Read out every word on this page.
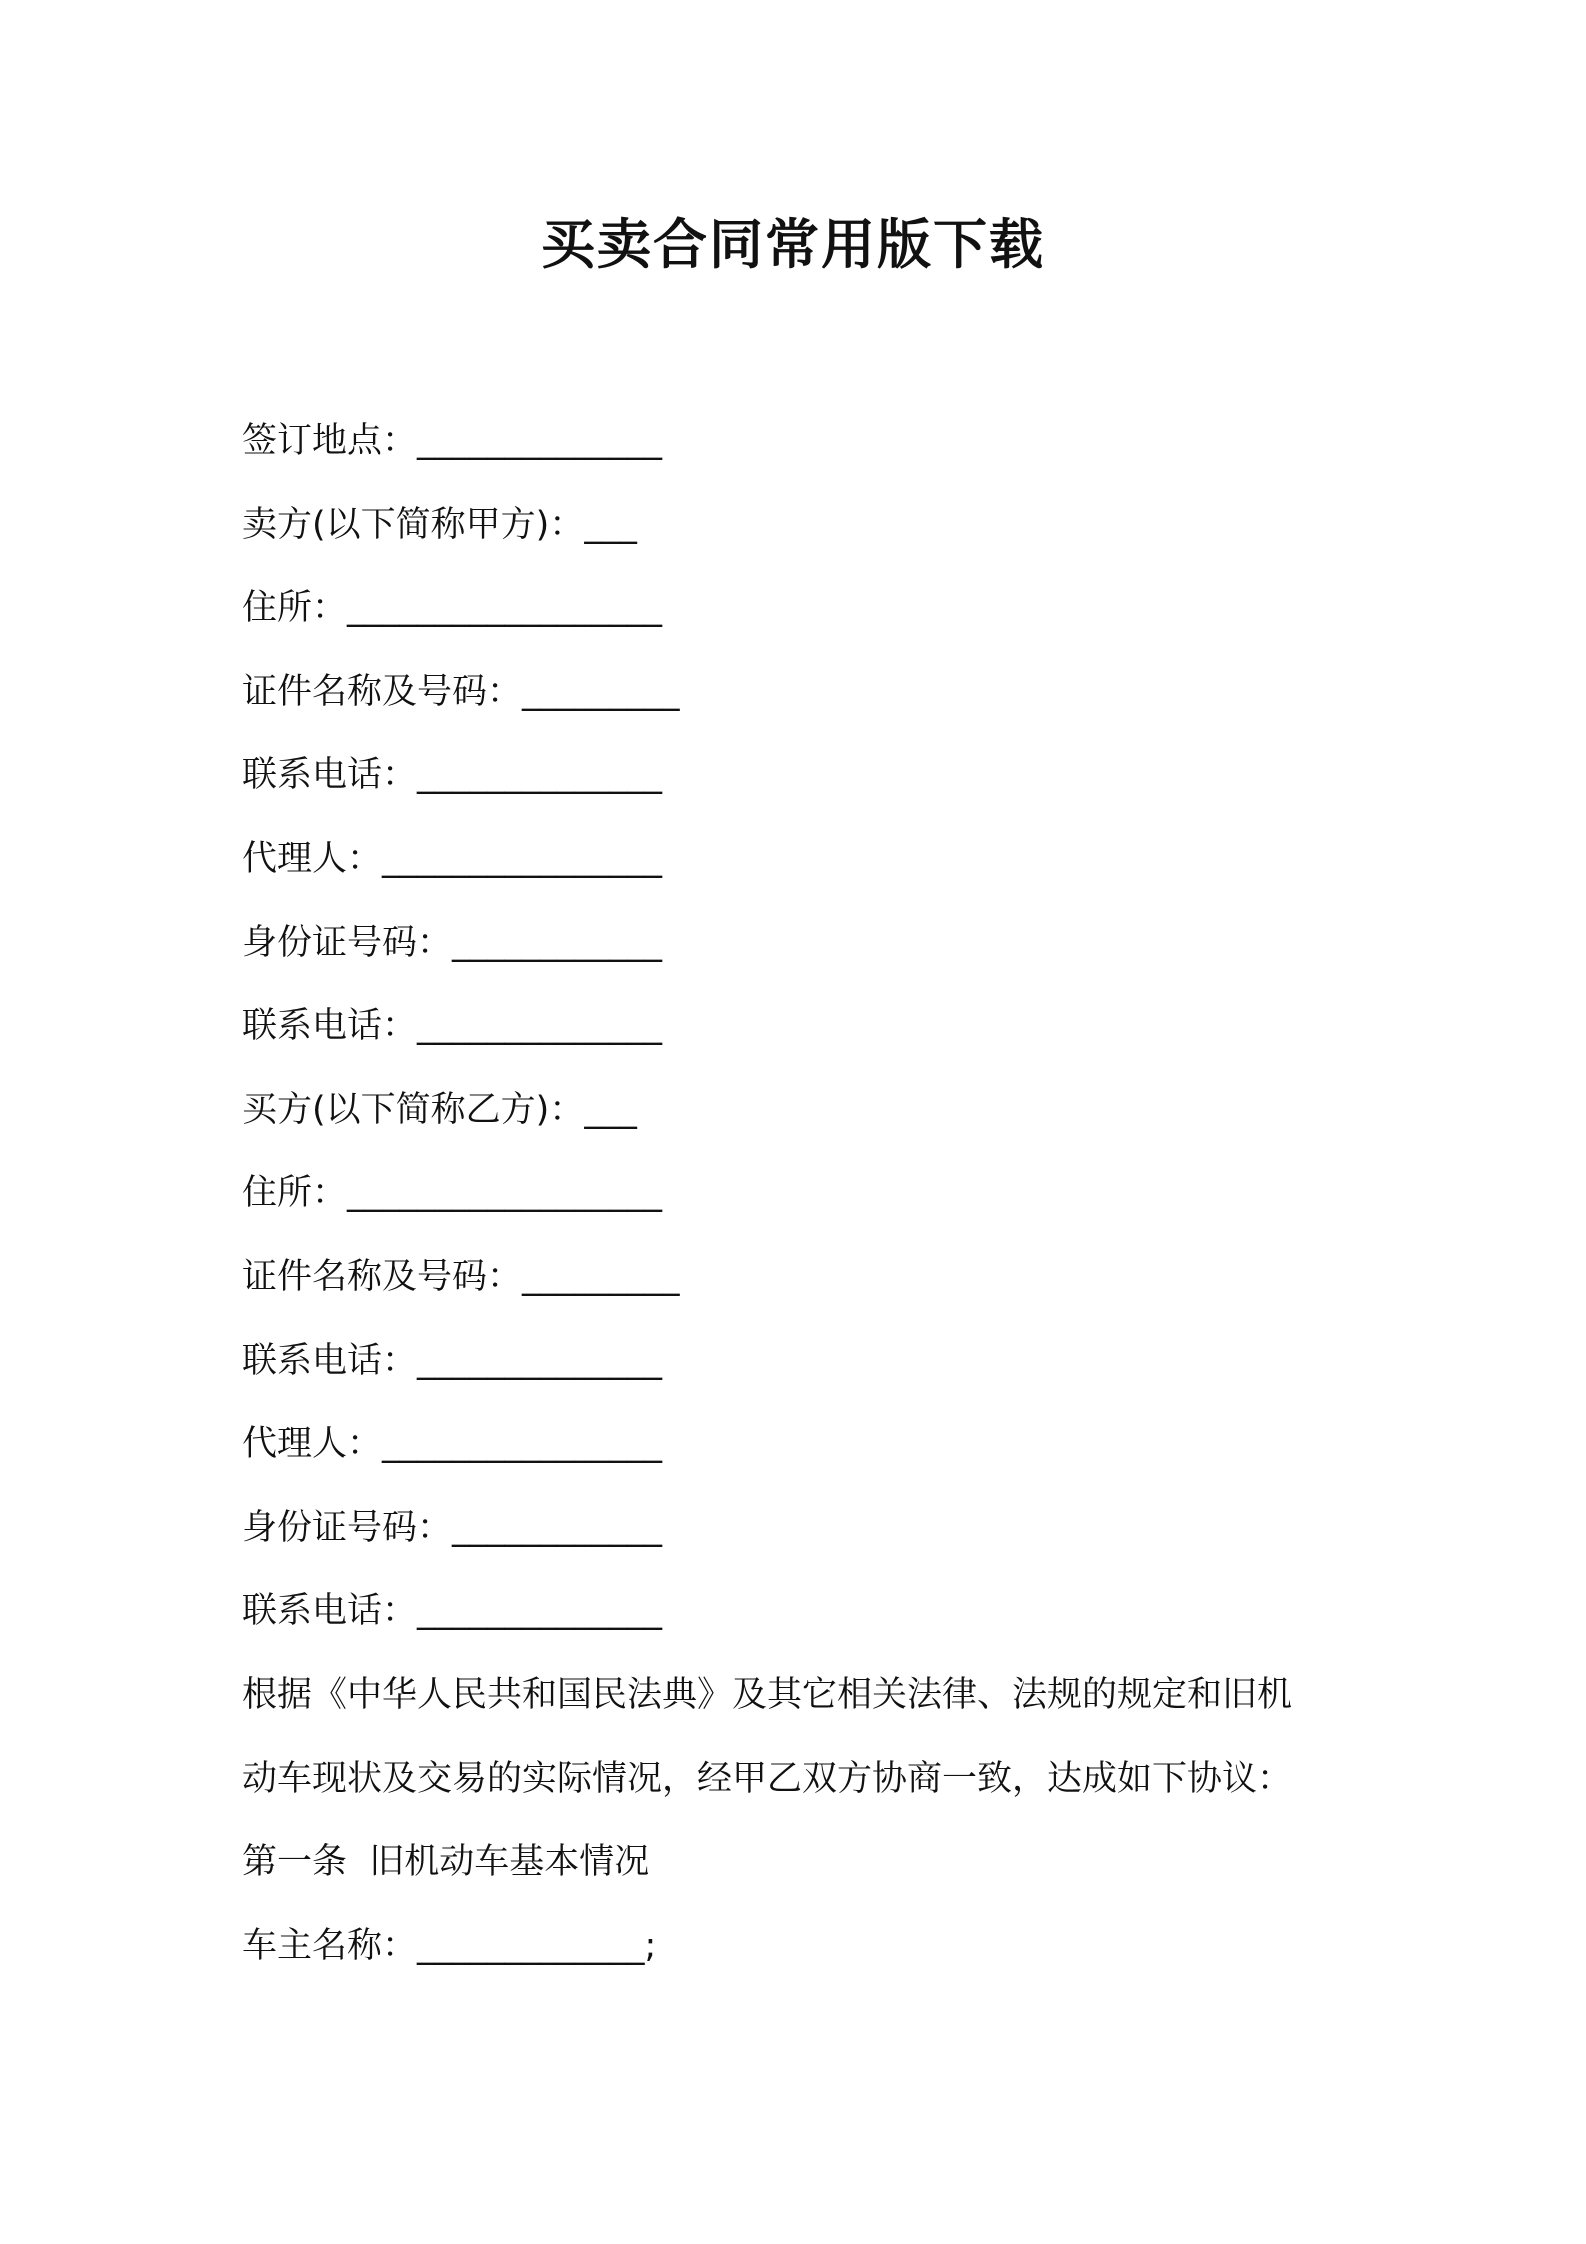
买卖合同常用版下载
签订地点：______________
卖方(以下简称甲方)：___
住所：__________________
证件名称及号码：_________
联系电话：______________
代理人：________________
身份证号码：____________
联系电话：______________
买方(以下简称乙方)：___
住所：__________________
证件名称及号码：_________
联系电话：______________
代理人：________________
身份证号码：____________
联系电话：______________
根据《中华人民共和国民法典》及其它相关法律、法规的规定和旧机
动车现状及交易的实际情况，经甲乙双方协商一致，达成如下协议：
第一条  旧机动车基本情况
车主名称：_____________;
